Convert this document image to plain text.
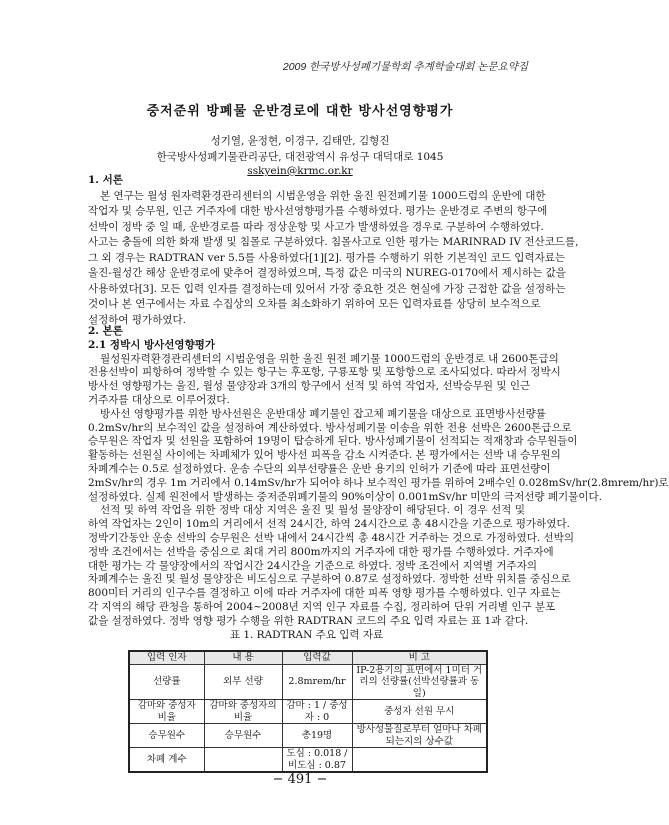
2009 한국방사성폐기물학회 추계학술대회 논문요약집
중저준위 방폐물 운반경로에 대한 방사선영향평가
성기열, 윤정현, 이경구, 김태만, 김형진
한국방사성폐기물관리공단, 대전광역시 유성구 대덕대로 1045
sskyein@krmc.or.kr
1. 서론
본 연구는 월성 원자력환경관리센터의 시범운영을 위한 울진 원전폐기물 1000드럼의 운반에 대한
작업자 및 승무원, 인근 거주자에 대한 방사선영향평가를 수행하였다. 평가는 운반경로 주변의 항구에
선박이 정박 중 일 때, 운반경로를 따라 정상운항 및 사고가 발생하였을 경우로 구분하여 수행하였다.
사고는 충돌에 의한 화재 발생 및 침몰로 구분하였다. 침몰사고로 인한 평가는 MARINRAD IV 전산코드를,
그 외 경우는 RADTRAN ver 5.5를 사용하였다[1][2]. 평가를 수행하기 위한 기본적인 코드 입력자료는
울진-월성간 해상 운반경로에 맞추어 결정하였으며, 특정 값은 미국의 NUREG-0170에서 제시하는 값을
사용하였다[3]. 모든 입력 인자를 결정하는데 있어서 가장 중요한 것은 현실에 가장 근접한 값을 설정하는
것이나 본 연구에서는 자료 수집상의 오차를 최소화하기 위하여 모든 입력자료를 상당히 보수적으로
설정하여 평가하였다.
2. 본론
2.1 정박시 방사선영향평가
월성원자력환경관리센터의 시범운영을 위한 울진 원전 폐기물 1000드럼의 운반경로 내 2600톤급의
전용선박이 피항하여 정박할 수 있는 항구는 후포항, 구룡포항 및 포항항으로 조사되었다. 따라서 정박시
방사선 영향평가는 울진, 월성 물양장과 3개의 항구에서 선적 및 하역 작업자, 선박승무원 및 인근
거주자를 대상으로 이루어졌다.
방사선 영향평가를 위한 방사선원은 운반대상 폐기물인 잡고체 폐기물을 대상으로 표면방사선량률
0.2mSv/hr의 보수적인 값을 설정하여 계산하였다. 방사성폐기물 이송을 위한 전용 선박은 2600톤급으로
승무원은 작업자 및 선원을 포함하여 19명이 탑승하게 된다. 방사성폐기물이 선적되는 적재창과 승무원들이
활동하는 선원실 사이에는 차폐체가 있어 방사선 피폭을 감소 시켜준다. 본 평가에서는 선박 내 승무원의
차폐계수는 0.5로 설정하였다. 운송 수단의 외부선량률은 운반 용기의 인허가 기준에 따라 표면선량이
2mSv/hr의 경우 1m 거리에서 0.14mSv/hr가 되어야 하나 보수적인 평가를 위하여 2배수인 0.028mSv/hr(2.8mrem/hr)로
설정하였다. 실제 원전에서 발생하는 중저준위폐기물의 90%이상이 0.001mSv/hr 미만의 극저선량 폐기물이다.
선적 및 하역 작업을 위한 정박 대상 지역은 울진 및 월성 물양장이 해당된다. 이 경우 선적 및
하역 작업자는 2인이 10m의 거리에서 선적 24시간, 하역 24시간으로 총 48시간을 기준으로 평가하였다.
정박기간동안 운송 선박의 승무원은 선박 내에서 24시간씩 총 48시간 거주하는 것으로 가정하였다. 선박의
정박 조건에서는 선박을 중심으로 최대 거리 800m까지의 거주자에 대한 평가를 수행하였다. 거주자에
대한 평가는 각 물양장에서의 작업시간 24시간을 기준으로 하였다. 정박 조건에서 지역별 거주자의
차폐계수는 울진 및 월성 물양장은 비도심으로 구분하여 0.87로 설정하였다. 정박한 선박 위치를 중심으로
800미터 거리의 인구수를 결정하고 이에 따라 거주자에 대한 피폭 영향 평가를 수행하였다. 인구 자료는
각 지역의 해당 관청을 통하여 2004~2008년 지역 인구 자료를 수집, 정리하여 단위 거리별 인구 분포
값을 설정하였다. 정박 영향 평가 수행을 위한 RADTRAN 코드의 주요 입력 자료는 표 1과 같다.
표 1. RADTRAN 주요 입력 자료
입력 인자	내 용	입력값	비 고
선량률	외부 선량	2.8mrem/hr	IP-2용기의 표면에서 1미터 거리의 선량률(선박선량률과 동일)
감마와 중성자 비율	감마와 중성자의 비율	감마 : 1 / 중성자 : 0	중성자 선원 무시
승무원수	승무원수	총19명	방사성물질로부터 얼마나 차폐되는지의 상수값
차폐 계수		도심 : 0.018 / 비도심 : 0.87	
− 491 −
